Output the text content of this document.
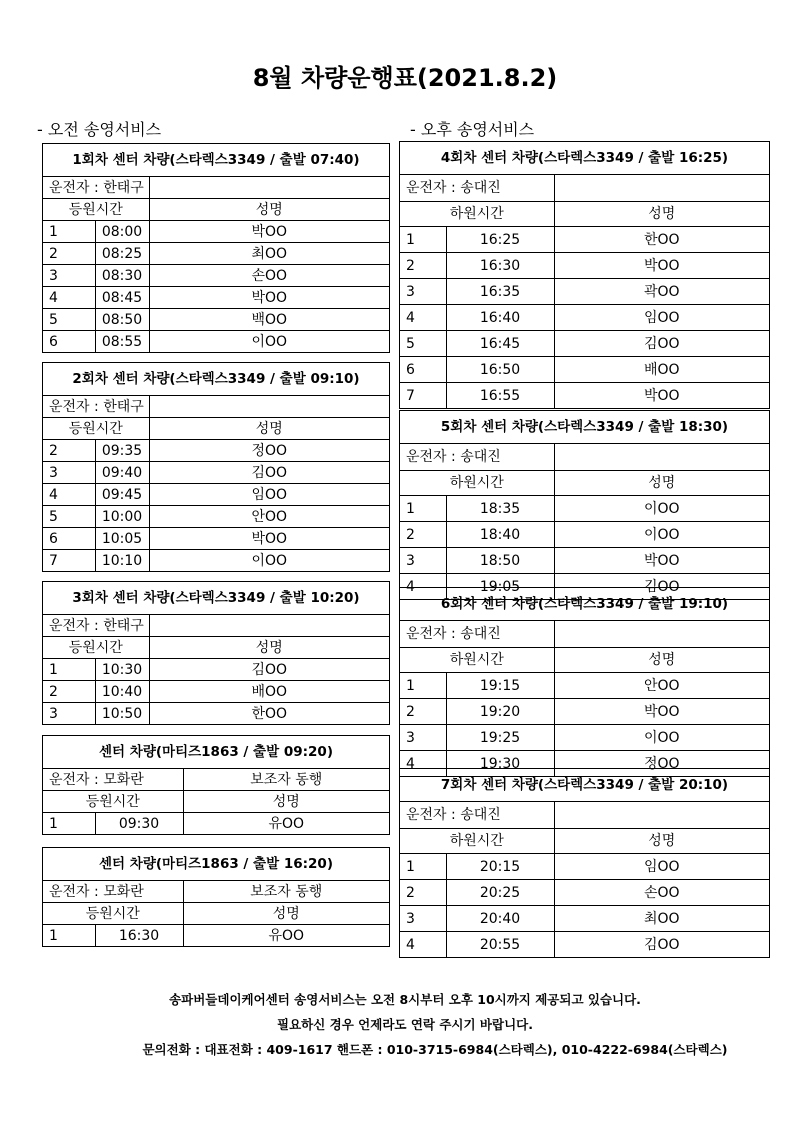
8월 차량운행표(2021.8.2)
- 오전 송영서비스	- 오후 송영서비스
1회차 센터 차량(스타렉스3349 / 출발 07:40)
운전자 : 한태구		
등원시간		성명
1	08:00	박OO
2	08:25	최OO
3	08:30	손OO
4	08:45	박OO
5	08:50	백OO
6	08:55	이OO
2회차 센터 차량(스타렉스3349 / 출발 09:10)
운전자 : 한태구		
등원시간		성명
2	09:35	정OO
3	09:40	김OO
4	09:45	임OO
5	10:00	안OO
6	10:05	박OO
7	10:10	이OO
3회차 센터 차량(스타렉스3349 / 출발 10:20)
운전자 : 한태구		
등원시간		성명
1	10:30	김OO
2	10:40	배OO
3	10:50	한OO
센터 차량(마티즈1863 / 출발 09:20)
운전자 : 모화란		보조자 동행
등원시간		성명
1	09:30	유OO
센터 차량(마티즈1863 / 출발 16:20)
운전자 : 모화란		보조자 동행
등원시간		성명
1	16:30	유OO
4회차 센터 차량(스타렉스3349 / 출발 16:25)
운전자 : 송대진		
하원시간		성명
1	16:25	한OO
2	16:30	박OO
3	16:35	곽OO
4	16:40	임OO
5	16:45	김OO
6	16:50	배OO
7	16:55	박OO
5회차 센터 차량(스타렉스3349 / 출발 18:30)
운전자 : 송대진		
하원시간		성명
1	18:35	이OO
2	18:40	이OO
3	18:50	박OO
4	19:05	김OO
6회차 센터 차량(스타렉스3349 / 출발 19:10)
운전자 : 송대진		
하원시간		성명
1	19:15	안OO
2	19:20	박OO
3	19:25	이OO
4	19:30	정OO
7회차 센터 차량(스타렉스3349 / 출발 20:10)
운전자 : 송대진		
하원시간		성명
1	20:15	임OO
2	20:25	손OO
3	20:40	최OO
4	20:55	김OO
송파버들데이케어센터 송영서비스는 오전 8시부터 오후 10시까지 제공되고 있습니다.
필요하신 경우 언제라도 연락 주시기 바랍니다.
문의전화 : 대표전화 : 409-1617 핸드폰 : 010-3715-6984(스타렉스), 010-4222-6984(스타렉스)
